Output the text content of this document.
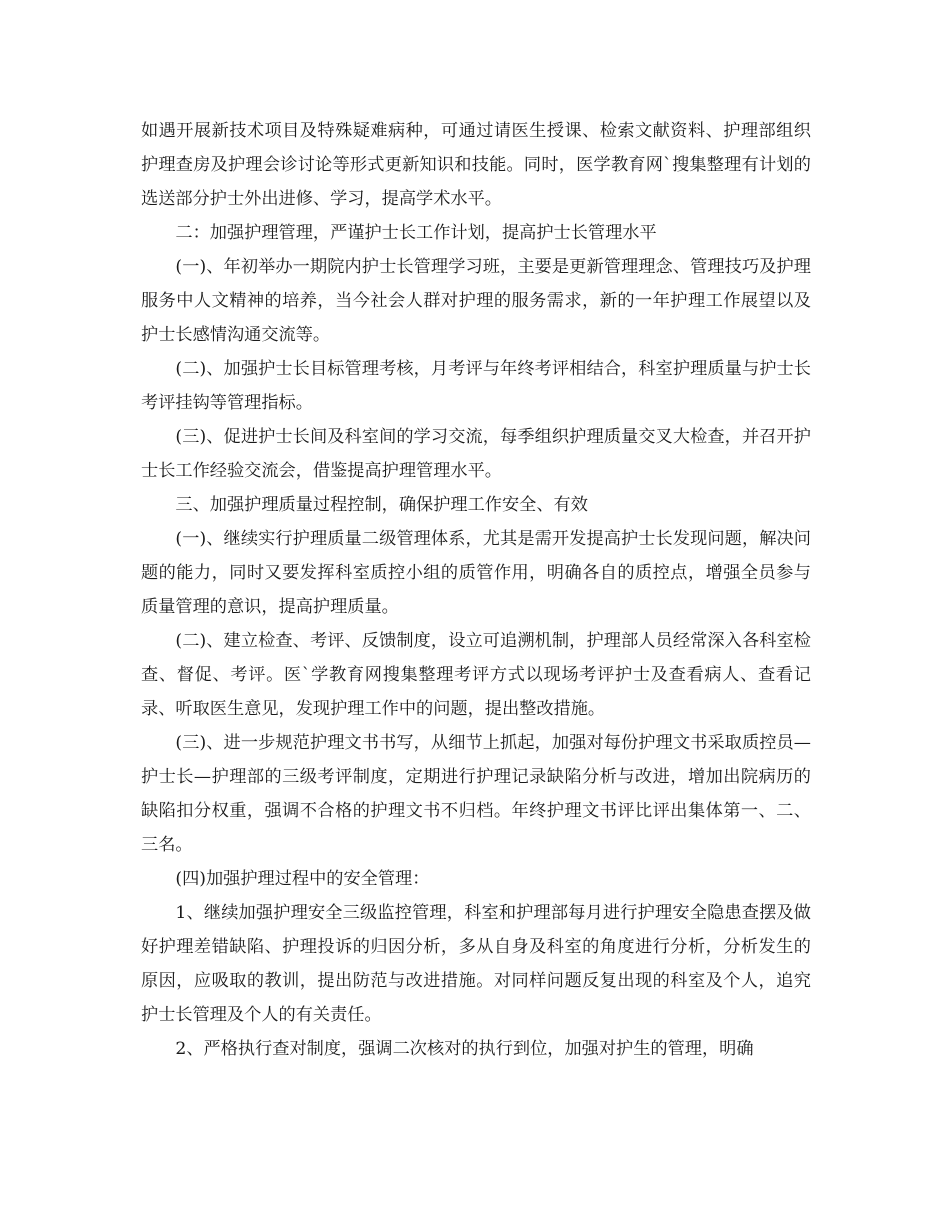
如遇开展新技术项目及特殊疑难病种，可通过请医生授课、检索文献资料、护理部组织护理查房及护理会诊讨论等形式更新知识和技能。同时，医学教育网`搜集整理有计划的选送部分护士外出进修、学习，提高学术水平。

二：加强护理管理，严谨护士长工作计划，提高护士长管理水平

(一)、年初举办一期院内护士长管理学习班，主要是更新管理理念、管理技巧及护理服务中人文精神的培养，当今社会人群对护理的服务需求，新的一年护理工作展望以及护士长感情沟通交流等。

(二)、加强护士长目标管理考核，月考评与年终考评相结合，科室护理质量与护士长考评挂钩等管理指标。

(三)、促进护士长间及科室间的学习交流，每季组织护理质量交叉大检查，并召开护士长工作经验交流会，借鉴提高护理管理水平。

三、加强护理质量过程控制，确保护理工作安全、有效

(一)、继续实行护理质量二级管理体系，尤其是需开发提高护士长发现问题，解决问题的能力，同时又要发挥科室质控小组的质管作用，明确各自的质控点，增强全员参与质量管理的意识，提高护理质量。

(二)、建立检查、考评、反馈制度，设立可追溯机制，护理部人员经常深入各科室检查、督促、考评。医`学教育网搜集整理考评方式以现场考评护士及查看病人、查看记录、听取医生意见，发现护理工作中的问题，提出整改措施。

(三)、进一步规范护理文书书写，从细节上抓起，加强对每份护理文书采取质控员—护士长—护理部的三级考评制度，定期进行护理记录缺陷分析与改进，增加出院病历的缺陷扣分权重，强调不合格的护理文书不归档。年终护理文书评比评出集体第一、二、三名。

(四)加强护理过程中的安全管理：

1、继续加强护理安全三级监控管理，科室和护理部每月进行护理安全隐患查摆及做好护理差错缺陷、护理投诉的归因分析，多从自身及科室的角度进行分析，分析发生的原因，应吸取的教训，提出防范与改进措施。对同样问题反复出现的科室及个人，追究护士长管理及个人的有关责任。

2、严格执行查对制度，强调二次核对的执行到位，加强对护生的管理，明确
